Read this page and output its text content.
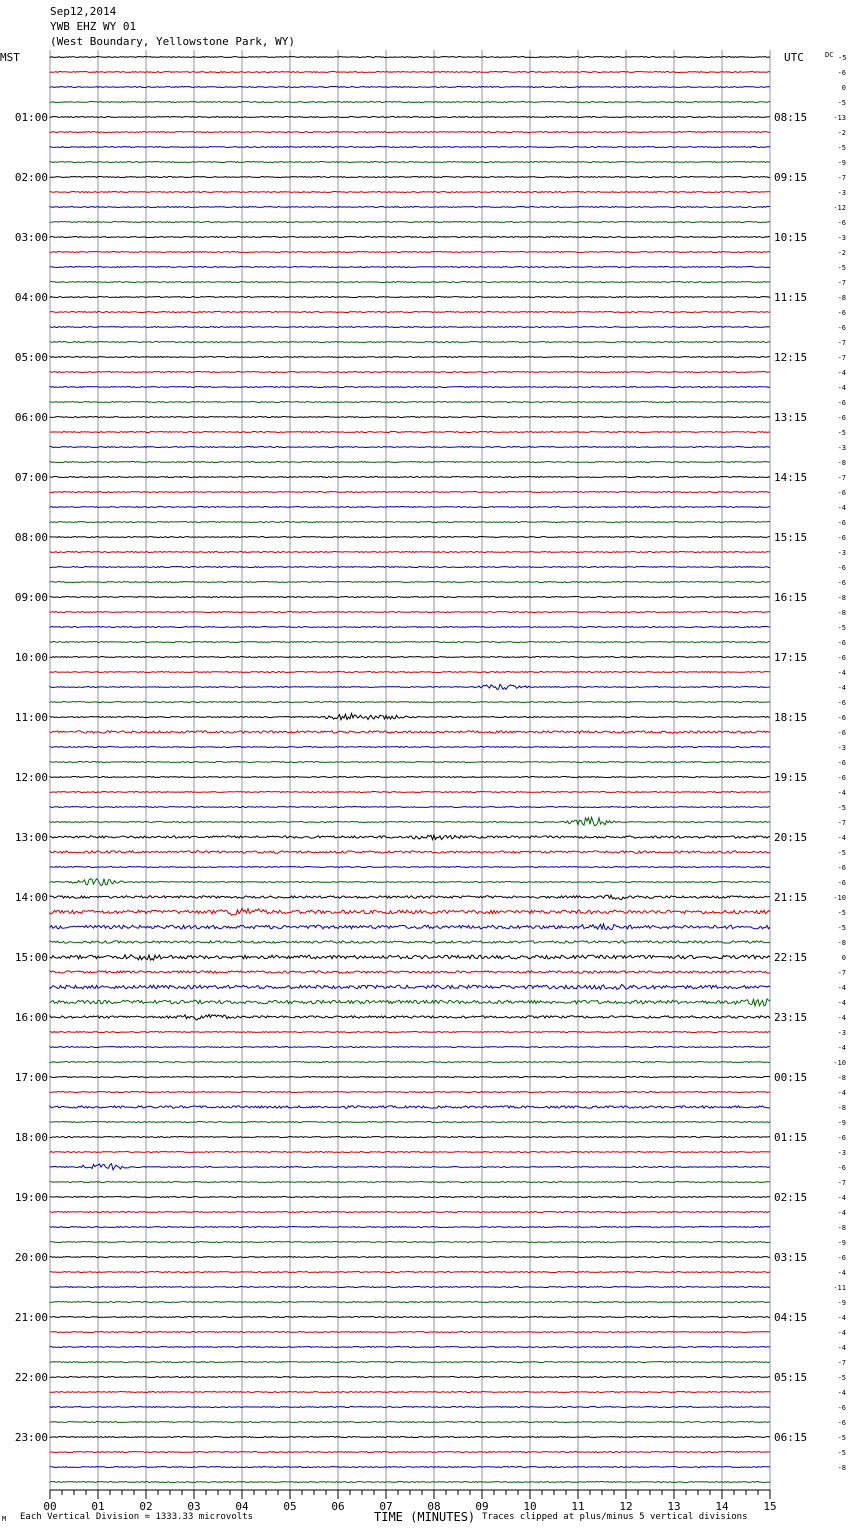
Sep12,2014
YWB EHZ WY 01
(West Boundary, Yellowstone Park, WY)
MST	UTC	DC -5
01:00
02:00
03:00
04:00
05:00
06:00
07:00
08:00
09:00
10:00
11:00
12:00
13:00
14:00
15:00
16:00
17:00
18:00
19:00
20:00
21:00
22:00
23:00
08:15
09:15
10:15
11:15
12:15
13:15
14:15
15:15
16:15
17:15
18:15
19:15
20:15
21:15
22:15
23:15
00:15
01:15
02:15
03:15
04:15
05:15
06:15
-6
0
-5
-13
-2
-5
-9
-7
-3
-12
-6
-3
-2
-5
-7
-8
-6
-6
-7
-7
-4
-4
-6
-6
-5
-3
-8
-7
-6
-4
-6
-6
-3
-6
-6
-8
-8
-5
-6
-6
-4
-4
-6
-6
-6
-3
-6
-6
-4
-5
-7
-4
-5
-6
-6
-10
-5
-5
-8
0
-7
-4
-4
-4
-3
-4
-10
-8
-4
-8
-9
-6
-3
-6
-7
-4
-4
-8
-9
-6
-4
-11
-9
-4
-4
-4
-7
-5
-4
-6
-6
-5
-5
-8
00	01	02	03	04	05	06	07	08	09	10	11	12	13	14	15
M Each Vertical Division = 1333.33 microvolts	TIME (MINUTES) Traces clipped at plus/minus 5 vertical divisions
